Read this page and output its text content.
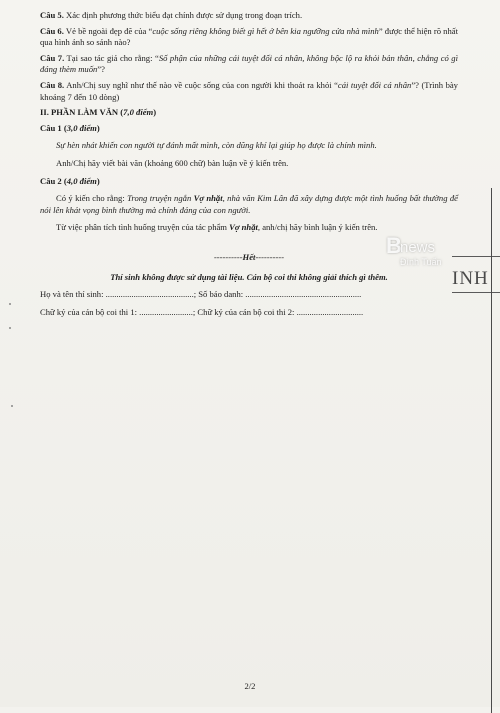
Câu 5. Xác định phương thức biểu đạt chính được sử dụng trong đoạn trích.

Câu 6. Vẻ bề ngoài đẹp đẽ của “cuộc sống riêng không biết gì hết ở bên kia ngưỡng cửa nhà mình” được thể hiện rõ nhất qua hình ảnh so sánh nào?

Câu 7. Tại sao tác giả cho rằng: “Số phận của những cái tuyệt đối cá nhân, không bộc lộ ra khỏi bản thân, chẳng có gì đáng thèm muốn”?

Câu 8. Anh/Chị suy nghĩ như thế nào về cuộc sống của con người khi thoát ra khỏi “cái tuyệt đối cá nhân”? (Trình bày khoảng 7 đến 10 dòng)

II. PHẦN LÀM VĂN (7,0 điểm)

Câu 1 (3,0 điểm)

Sự hèn nhát khiến con người tự đánh mất mình, còn dũng khí lại giúp họ được là chính mình.

Anh/Chị hãy viết bài văn (khoảng 600 chữ) bàn luận về ý kiến trên.

Câu 2 (4,0 điểm)

Có ý kiến cho rằng: Trong truyện ngắn Vợ nhặt, nhà văn Kim Lân đã xây dựng được một tình huống bất thường để nói lên khát vọng bình thường mà chính đáng của con người.

Từ việc phân tích tình huống truyện của tác phẩm Vợ nhặt, anh/chị hãy bình luận ý kiến trên.

----------Hết----------

Thí sinh không được sử dụng tài liệu. Cán bộ coi thi không giải thích gì thêm.

Họ và tên thí sinh: .........................................; Số báo danh: ......................................................

Chữ ký của cán bộ coi thi 1: .........................; Chữ ký của cán bộ coi thi 2: ...............................

2/2
B
news
Đình Tuấn
INH
